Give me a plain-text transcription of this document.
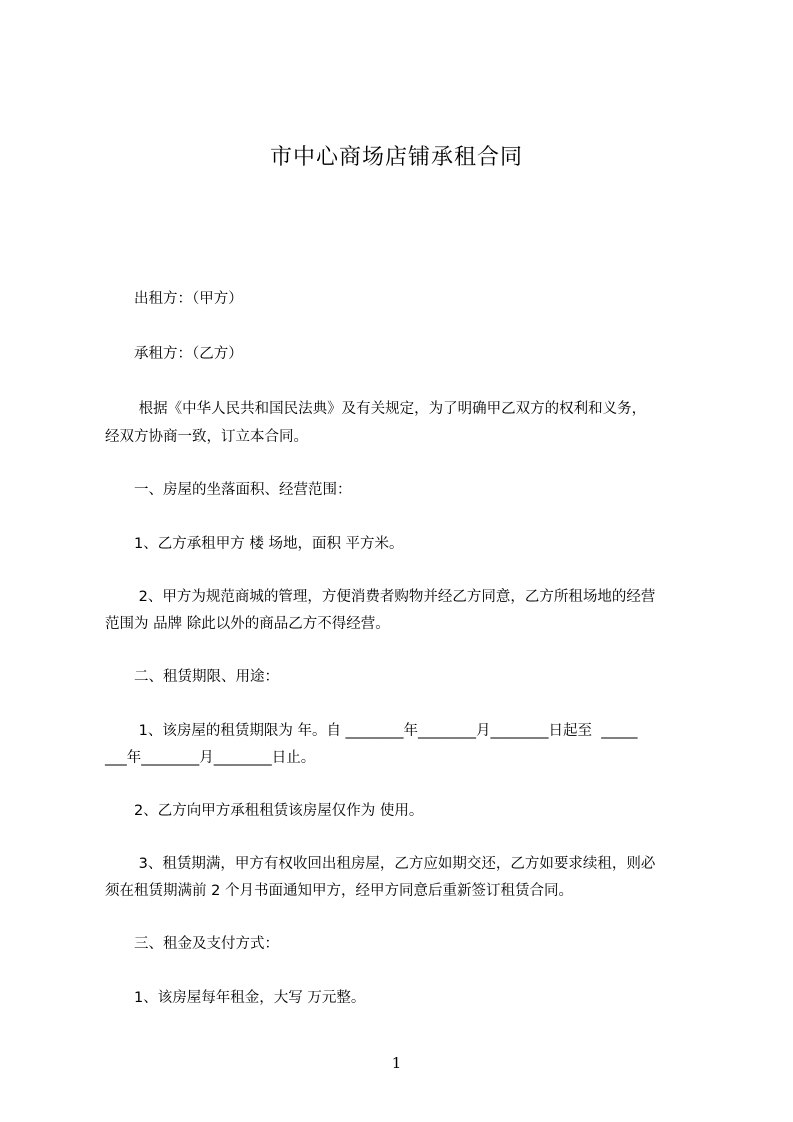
市中心商场店铺承租合同
　　出租方：（甲方）
　　承租方：（乙方）
　　 根据《中华人民共和国民法典》及有关规定，为了明确甲乙双方的权利和义务，
经双方协商一致，订立本合同。
　　一、房屋的坐落面积、经营范围：
　　1、乙方承租甲方 楼 场地，面积 平方米。
　　 2、甲方为规范商城的管理，方便消费者购物并经乙方同意，乙方所租场地的经营
范围为 品牌 除此以外的商品乙方不得经营。
　　二、租赁期限、用途：
　　 1、该房屋的租赁期限为 年。自 ________年________月________日起至  _____
___年________月________日止。
　　2、乙方向甲方承租租赁该房屋仅作为 使用。
　　 3、租赁期满，甲方有权收回出租房屋，乙方应如期交还，乙方如要求续租，则必
须在租赁期满前 2 个月书面通知甲方，经甲方同意后重新签订租赁合同。
　　三、租金及支付方式：
　　1、该房屋每年租金，大写 万元整。
1
